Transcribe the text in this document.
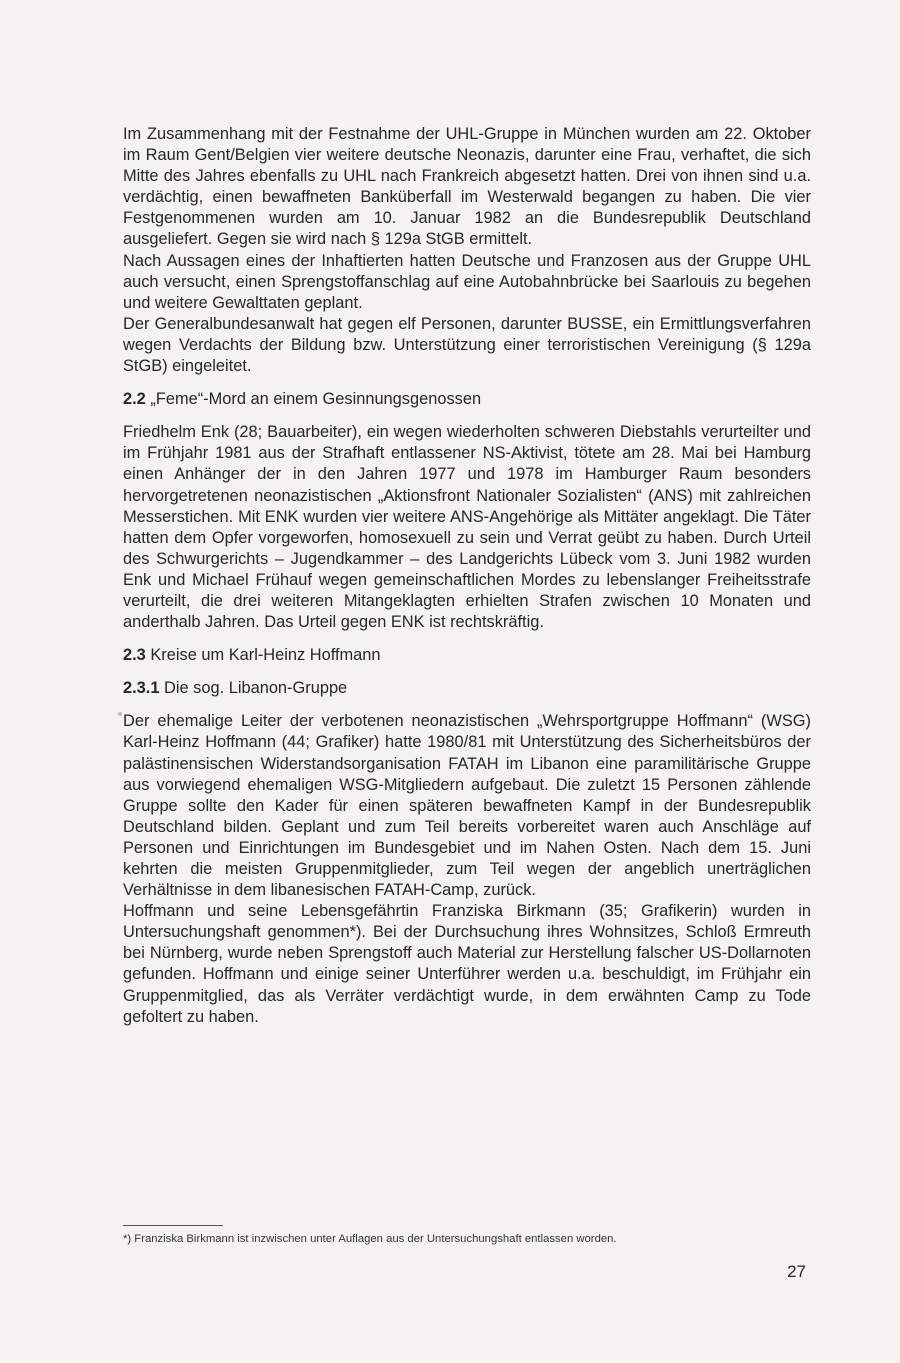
Im Zusammenhang mit der Festnahme der UHL-Gruppe in München wurden am 22. Oktober im Raum Gent/Belgien vier weitere deutsche Neonazis, darunter eine Frau, verhaftet, die sich Mitte des Jahres ebenfalls zu UHL nach Frankreich abgesetzt hatten. Drei von ihnen sind u.a. verdächtig, einen bewaffneten Banküberfall im Westerwald begangen zu haben. Die vier Festgenommenen wurden am 10. Januar 1982 an die Bundesrepublik Deutschland ausgeliefert. Gegen sie wird nach § 129a StGB ermittelt.

Nach Aussagen eines der Inhaftierten hatten Deutsche und Franzosen aus der Gruppe UHL auch versucht, einen Sprengstoffanschlag auf eine Autobahnbrücke bei Saarlouis zu begehen und weitere Gewalttaten geplant.

Der Generalbundesanwalt hat gegen elf Personen, darunter BUSSE, ein Ermittlungsverfahren wegen Verdachts der Bildung bzw. Unterstützung einer terroristischen Vereinigung (§ 129a StGB) eingeleitet.

2.2 „Feme“-Mord an einem Gesinnungsgenossen

Friedhelm Enk (28; Bauarbeiter), ein wegen wiederholten schweren Diebstahls verurteilter und im Frühjahr 1981 aus der Strafhaft entlassener NS-Aktivist, tötete am 28. Mai bei Hamburg einen Anhänger der in den Jahren 1977 und 1978 im Hamburger Raum besonders hervorgetretenen neonazistischen „Aktionsfront Nationaler Sozialisten“ (ANS) mit zahlreichen Messerstichen. Mit ENK wurden vier weitere ANS-Angehörige als Mittäter angeklagt. Die Täter hatten dem Opfer vorgeworfen, homosexuell zu sein und Verrat geübt zu haben. Durch Urteil des Schwurgerichts – Jugendkammer – des Landgerichts Lübeck vom 3. Juni 1982 wurden Enk und Michael Frühauf wegen gemeinschaftlichen Mordes zu lebenslanger Freiheitsstrafe verurteilt, die drei weiteren Mitangeklagten erhielten Strafen zwischen 10 Monaten und anderthalb Jahren. Das Urteil gegen ENK ist rechtskräftig.

2.3 Kreise um Karl-Heinz Hoffmann

2.3.1 Die sog. Libanon-Gruppe

Der ehemalige Leiter der verbotenen neonazistischen „Wehrsportgruppe Hoffmann“ (WSG) Karl-Heinz Hoffmann (44; Grafiker) hatte 1980/81 mit Unterstützung des Sicherheitsbüros der palästinensischen Widerstandsorganisation FATAH im Libanon eine paramilitärische Gruppe aus vorwiegend ehemaligen WSG-Mitgliedern aufgebaut. Die zuletzt 15 Personen zählende Gruppe sollte den Kader für einen späteren bewaffneten Kampf in der Bundesrepublik Deutschland bilden. Geplant und zum Teil bereits vorbereitet waren auch Anschläge auf Personen und Einrichtungen im Bundesgebiet und im Nahen Osten. Nach dem 15. Juni kehrten die meisten Gruppenmitglieder, zum Teil wegen der angeblich unerträglichen Verhältnisse in dem libanesischen FATAH-Camp, zurück.

Hoffmann und seine Lebensgefährtin Franziska Birkmann (35; Grafikerin) wurden in Untersuchungshaft genommen*). Bei der Durchsuchung ihres Wohnsitzes, Schloß Ermreuth bei Nürnberg, wurde neben Sprengstoff auch Material zur Herstellung falscher US-Dollarnoten gefunden. Hoffmann und einige seiner Unterführer werden u.a. beschuldigt, im Frühjahr ein Gruppenmitglied, das als Verräter verdächtigt wurde, in dem erwähnten Camp zu Tode gefoltert zu haben.

*) Franziska Birkmann ist inzwischen unter Auflagen aus der Untersuchungshaft entlassen worden.
27
